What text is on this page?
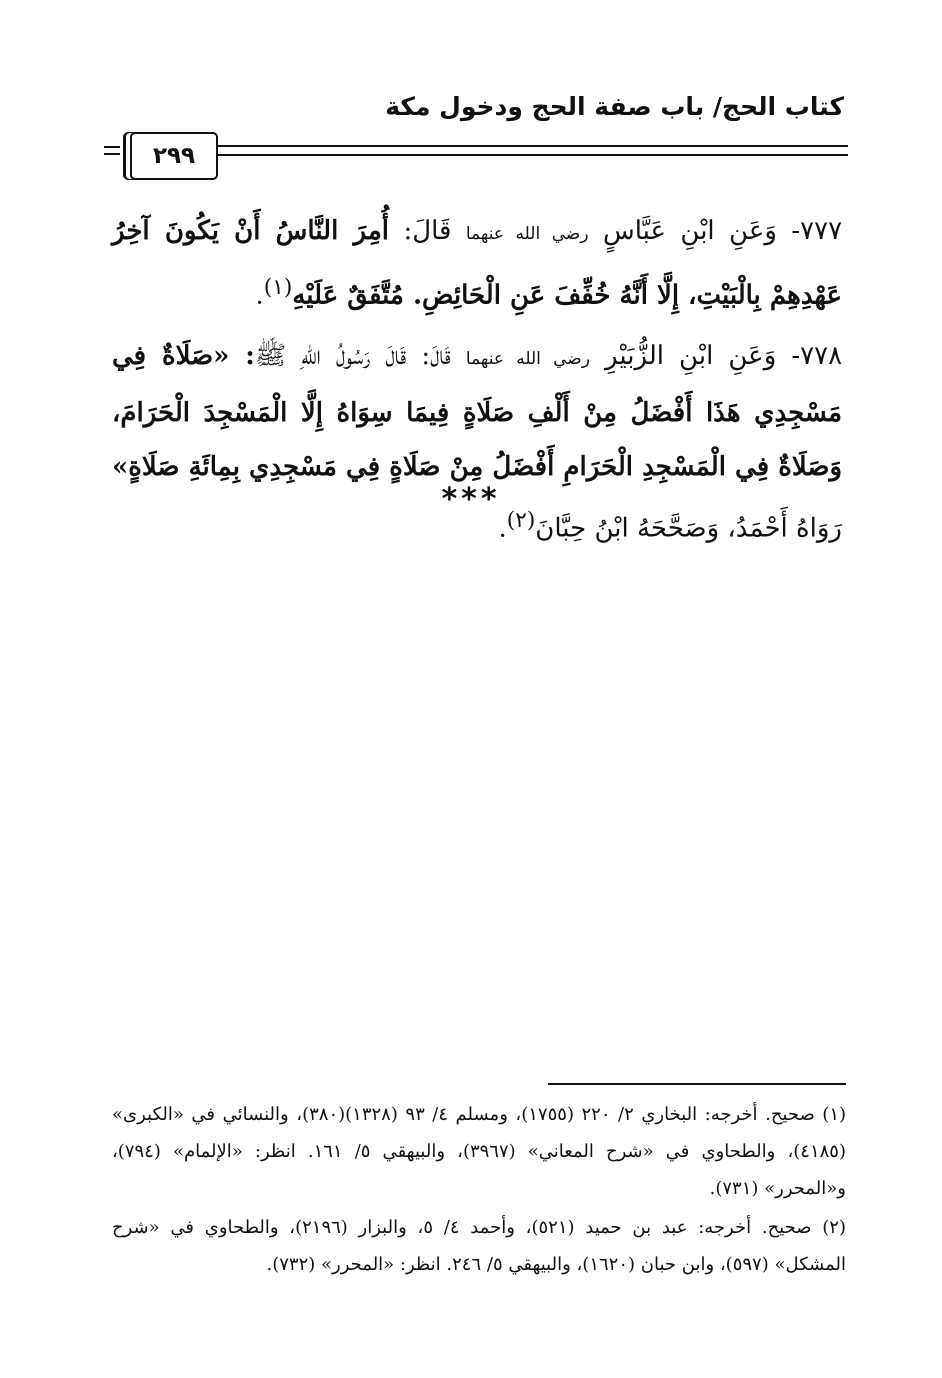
كتاب الحج/ باب صفة الحج ودخول مكة
٢٩٩

٧٧٧- وَعَنِ ابْنِ عَبَّاسٍ رضي الله عنهما قَالَ: أُمِرَ النَّاسُ أَنْ يَكُونَ آخِرُ عَهْدِهِمْ بِالْبَيْتِ، إِلَّا أَنَّهُ خُفِّفَ عَنِ الْحَائِضِ. مُتَّفَقٌ عَلَيْهِ$^{(١)}$.

٧٧٨- وَعَنِ ابْنِ الزُّبَيْرِ رضي الله عنهما قَالَ: قَالَ رَسُولُ اللهِ ﷺ: «صَلَاةٌ فِي مَسْجِدِي هَذَا أَفْضَلُ مِنْ أَلْفِ صَلَاةٍ فِيمَا سِوَاهُ إِلَّا الْمَسْجِدَ الْحَرَامَ، وَصَلَاةٌ فِي الْمَسْجِدِ الْحَرَامِ أَفْضَلُ مِنْ صَلَاةٍ فِي مَسْجِدِي بِمِائَةِ صَلَاةٍ» رَوَاهُ أَحْمَدُ، وَصَحَّحَهُ ابْنُ حِبَّانَ$^{(٢)}$.

***

(١) صحيح. أخرجه: البخاري ٢/ ٢٢٠ (١٧٥٥)، ومسلم ٤/ ٩٣ (١٣٢٨)(٣٨٠)، والنسائي في «الكبرى» (٤١٨٥)، والطحاوي في «شرح المعاني» (٣٩٦٧)، والبيهقي ٥/ ١٦١. انظر: «الإلمام» (٧٩٤)، و«المحرر» (٧٣١).

(٢) صحيح. أخرجه: عبد بن حميد (٥٢١)، وأحمد ٤/ ٥، والبزار (٢١٩٦)، والطحاوي في «شرح المشكل» (٥٩٧)، وابن حبان (١٦٢٠)، والبيهقي ٥/ ٢٤٦. انظر: «المحرر» (٧٣٢).
